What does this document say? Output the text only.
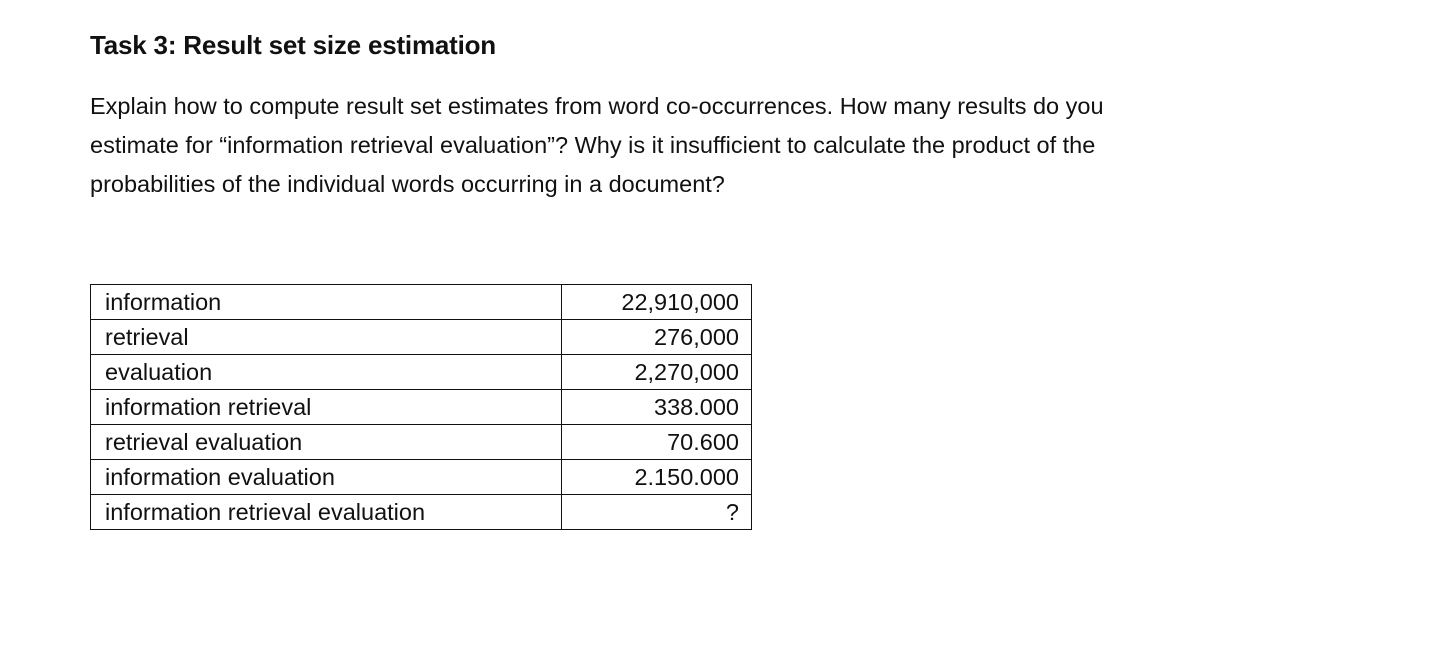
Task 3: Result set size estimation

Explain how to compute result set estimates from word co-occurrences. How many results do you
estimate for “information retrieval evaluation”? Why is it insufficient to calculate the product of the
probabilities of the individual words occurring in a document?

information	22,910,000
retrieval	276,000
evaluation	2,270,000
information retrieval	338.000
retrieval evaluation	70.600
information evaluation	2.150.000
information retrieval evaluation	?
